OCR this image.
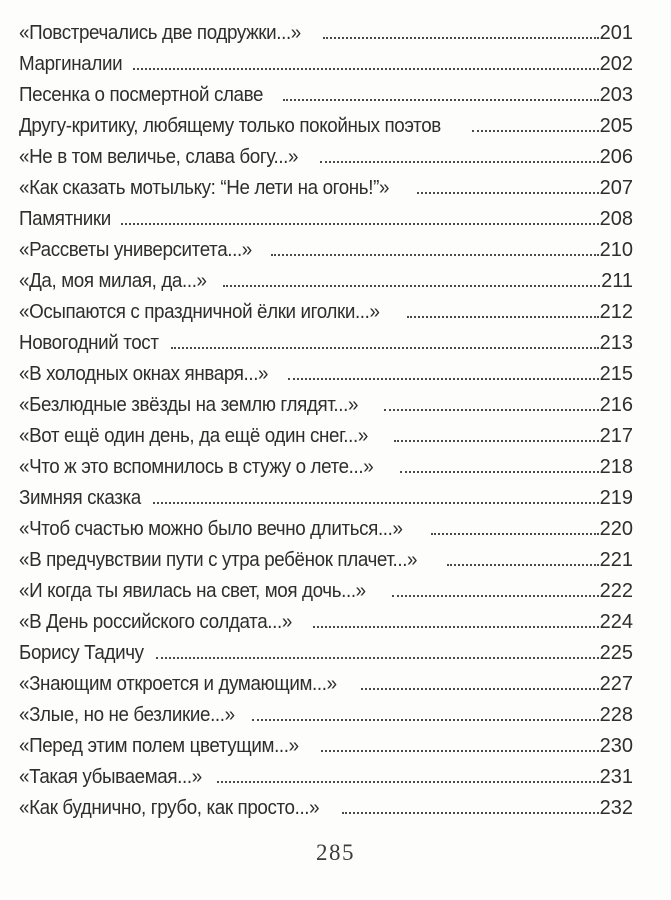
«Повстречались две подружки...»	201
Маргиналии	202
Песенка о посмертной славе	203
Другу-критику, любящему только покойных поэтов	205
«Не в том величье, слава богу...»	206
«Как сказать мотыльку: “Не лети на огонь!”»	207
Памятники	208
«Рассветы университета...»	210
«Да, моя милая, да...»	211
«Осыпаются с праздничной ёлки иголки...»	212
Новогодний тост	213
«В холодных окнах января...»	215
«Безлюдные звёзды на землю глядят...»	216
«Вот ещё один день, да ещё один снег...»	217
«Что ж это вспомнилось в стужу о лете...»	218
Зимняя сказка	219
«Чтоб счастью можно было вечно длиться...»	220
«В предчувствии пути с утра ребёнок плачет...»	221
«И когда ты явилась на свет, моя дочь...»	222
«В День российского солдата...»	224
Борису Тадичу	225
«Знающим откроется и думающим...»	227
«Злые, но не безликие...»	228
«Перед этим полем цветущим...»	230
«Такая убываемая...»	231
«Как буднично, грубо, как просто...»	232
285
